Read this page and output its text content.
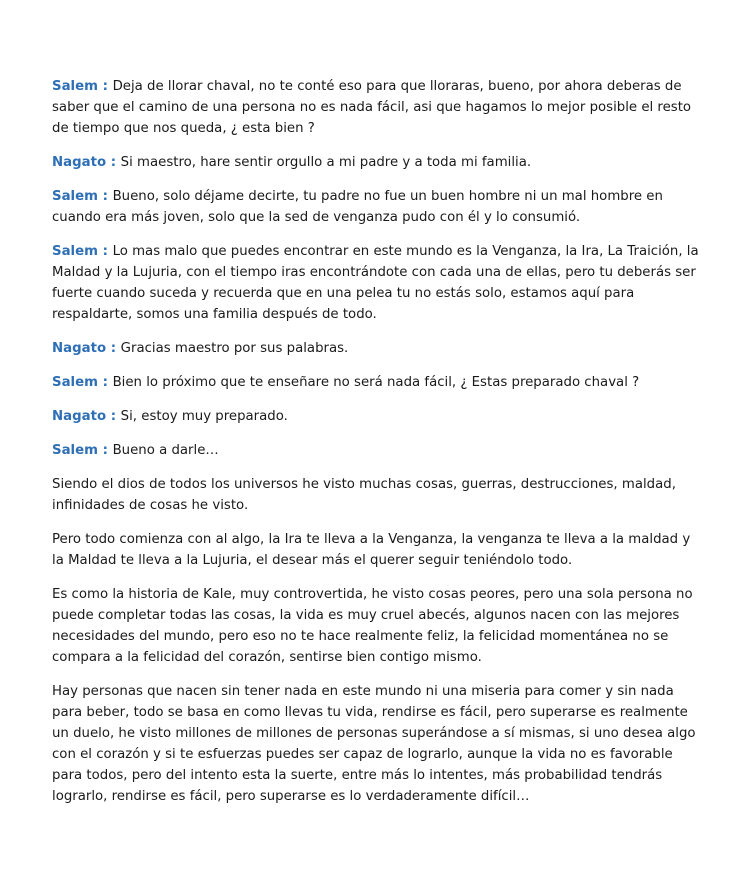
Salem : Deja de llorar chaval, no te conté eso para que lloraras, bueno, por ahora deberas de saber que el camino de una persona no es nada fácil, asi que hagamos lo mejor posible el resto de tiempo que nos queda, ¿ esta bien ?

Nagato : Si maestro, hare sentir orgullo a mi padre y a toda mi familia.

Salem : Bueno, solo déjame decirte, tu padre no fue un buen hombre ni un mal hombre en cuando era más joven, solo que la sed de venganza pudo con él y lo consumió.

Salem : Lo mas malo que puedes encontrar en este mundo es la Venganza, la Ira, La Traición, la Maldad y la Lujuria, con el tiempo iras encontrándote con cada una de ellas, pero tu deberás ser fuerte cuando suceda y recuerda que en una pelea tu no estás solo, estamos aquí para respaldarte, somos una familia después de todo.

Nagato : Gracias maestro por sus palabras.

Salem : Bien lo próximo que te enseñare no será nada fácil, ¿ Estas preparado chaval ?

Nagato : Si, estoy muy preparado.

Salem : Bueno a darle…

Siendo el dios de todos los universos he visto muchas cosas, guerras, destrucciones, maldad, infinidades de cosas he visto.

Pero todo comienza con al algo, la Ira te lleva a la Venganza, la venganza te lleva a la maldad y la Maldad te lleva a la Lujuria, el desear más el querer seguir teniéndolo todo.

Es como la historia de Kale, muy controvertida, he visto cosas peores, pero una sola persona no puede completar todas las cosas, la vida es muy cruel abecés, algunos nacen con las mejores necesidades del mundo, pero eso no te hace realmente feliz, la felicidad momentánea no se compara a la felicidad del corazón, sentirse bien contigo mismo.

Hay personas que nacen sin tener nada en este mundo ni una miseria para comer y sin nada para beber, todo se basa en como llevas tu vida, rendirse es fácil, pero superarse es realmente un duelo, he visto millones de millones de personas superándose a sí mismas, si uno desea algo con el corazón y si te esfuerzas puedes ser capaz de lograrlo, aunque la vida no es favorable para todos, pero del intento esta la suerte, entre más lo intentes, más probabilidad tendrás lograrlo, rendirse es fácil, pero superarse es lo verdaderamente difícil…
